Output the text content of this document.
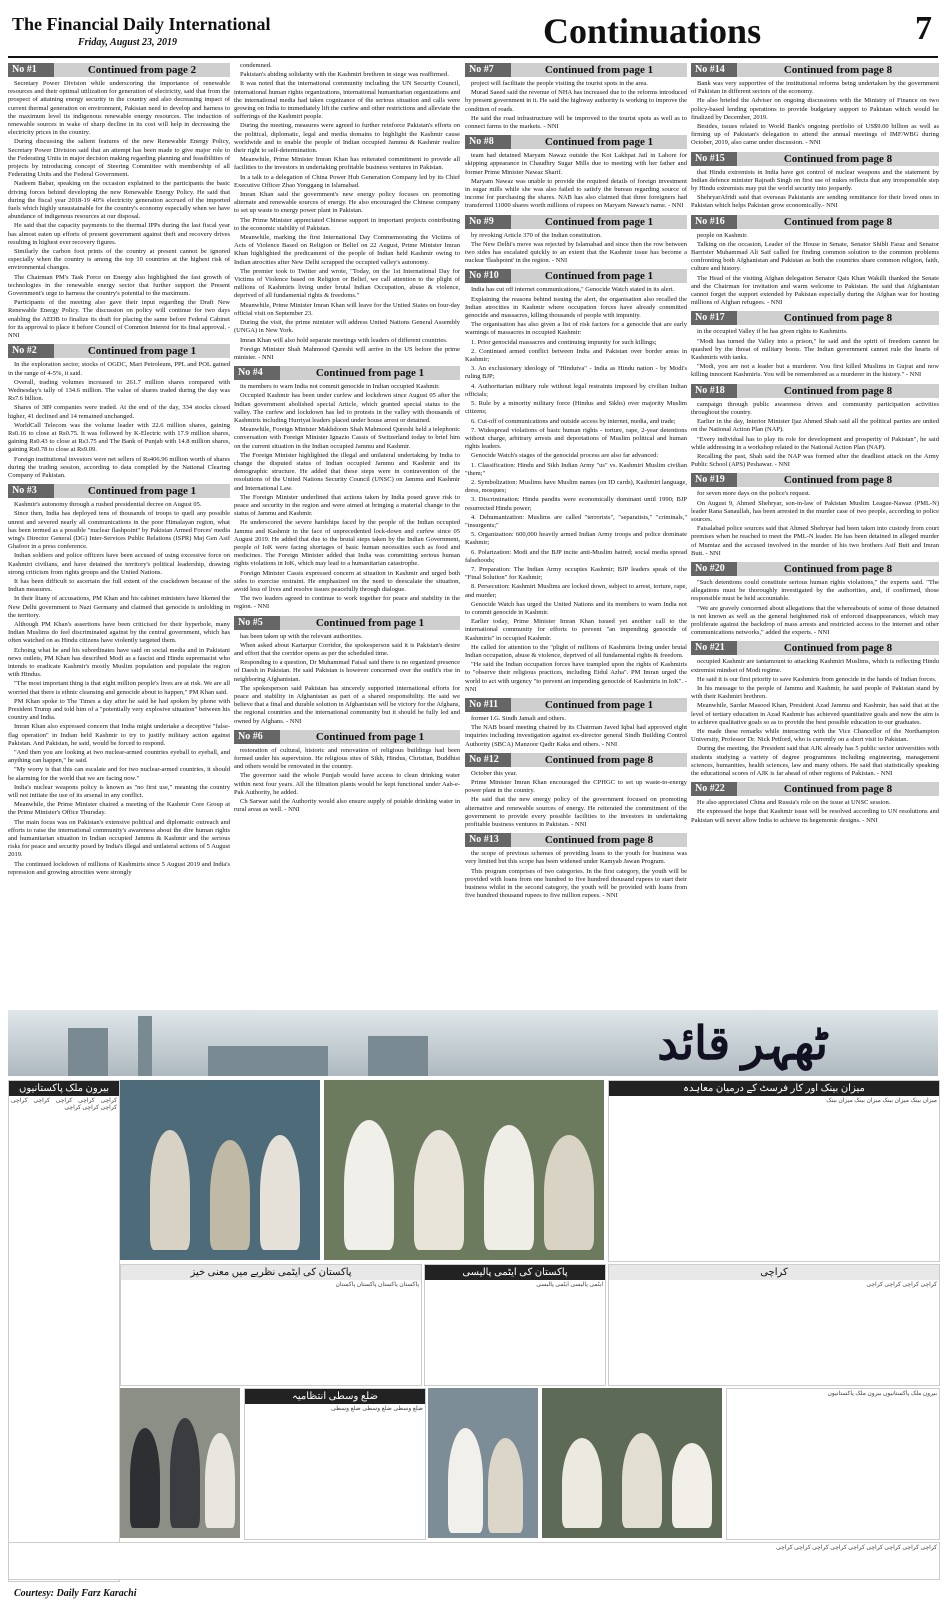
The Financial Daily International
Friday, August 23, 2019	Continuations	7
No #1	Continued from page 2

Secretary Power Division while underscoring the importance of renewable resources and their optimal utilization for generation of electricity, said that from the prospect of attaining energy security in the country and also decreasing impact of current thermal generation on environment, Pakistan need to develop and harness to the maximum level its indigenous renewable energy resources. The induction of renewable sources in wake of sharp decline in its cost will help in decreasing the electricity prices in the country.

During discussing the salient features of the new Renewable Energy Policy, Secretary Power Division said that an attempt has been made to give major role to the Federating Units in major decision making regarding planning and feasibilities of projects by introducing concept of Steering Committee with membership of all Federating Units and the Federal Government.

Nadeem Babar, speaking on the occasion explained to the participants the basic driving forces behind developing the new Renewable Energy Policy. He said that during the fiscal year 2018-19 40% electricity generation accrued of the imported fuels which highly unsustainable for the country's economy especially when we have abundance of indigenous resources at our disposal.

He said that the capacity payments to the thermal IPPs during the last fiscal year has almost eaten up efforts of present government against theft and recovery drives resulting in highest ever recovery figures.

Similarly the carbon foot prints of the country at present cannot be ignored especially when the country is among the top 10 countries at the highest risk of environmental changes.

The Chairman PM's Task Force on Energy also highlighted the fast growth of technologies in the renewable energy sector that further support the Present Government's urge to harness the country's potential to the maximum.

Participants of the meeting also gave their input regarding the Draft New Renewable Energy Policy. The discussion on policy will continue for two days enabling the AEDB to finalize its draft for placing the same before Federal Cabinet for its approval to place it before Council of Common Interest for its final approval. - NNI

No #2	Continued from page 1

In the exploration sector, stocks of OGDC, Mari Petroleum, PPL and POL gained in the range of 4-5%, it said.

Overall, trading volumes increased to 261.7 million shares compared with Wednesday's tally of 134.6 million. The value of shares traded during the day was Rs7.6 billion.

Shares of 389 companies were traded. At the end of the day, 334 stocks closed higher, 41 declined and 14 remained unchanged.

WorldCall Telecom was the volume leader with 22.6 million shares, gaining Rs0.16 to close at Rs0.75. It was followed by K-Electric with 17.9 million shares, gaining Rs0.43 to close at Rs3.75 and The Bank of Punjab with 14.8 million shares, gaining Rs0.78 to close at Rs9.09.

Foreign institutional investors were net sellers of Rs406.96 million worth of shares during the trading session, according to data compiled by the National Clearing Company of Pakistan.

No #3	Continued from page 1

Kashmir's autonomy through a rushed presidential decree on August 05.

Since then, India has deployed tens of thousands of troops to quell any possible unrest and severed nearly all communications in the poor Himalayan region, what has been termed as a possible "nuclear flashpoint" by Pakistan Armed Forces' media wing's Director General (DG) Inter-Services Public Relations (ISPR) Maj Gen Asif Ghafoor in a press conference.

Indian soldiers and police officers have been accused of using excessive force on Kashmiri civilians, and have detained the territory's political leadership, drawing strong criticism from rights groups and the United Nations.

It has been difficult to ascertain the full extent of the crackdown because of the Indian measures.

In their litany of accusations, PM Khan and his cabinet ministers have likened the New Delhi government to Nazi Germany and claimed that genocide is unfolding in the territory.

Although PM Khan's assertions have been criticised for their hyperbole, many Indian Muslims do feel discriminated against by the central government, which has often watched on as Hindu citizens have violently targeted them.

Echoing what he and his subordinates have said on social media and in Pakistani news outlets, PM Khan has described Modi as a fascist and Hindu supremacist who intends to eradicate Kashmir's mostly Muslim population and populate the region with Hindus.

"The most important thing is that eight million people's lives are at risk. We are all worried that there is ethnic cleansing and genocide about to happen," PM Khan said.

PM Khan spoke to The Times a day after he said he had spoken by phone with President Trump and told him of a "potentially very explosive situation" between his country and India.

Imran Khan also expressed concern that India might undertake a deceptive "false-flag operation" in Indian held Kashmir to try to justify military action against Pakistan. And Pakistan, he said, would be forced to respond.

"And then you are looking at two nuclear-armed countries eyeball to eyeball, and anything can happen," he said.

"My worry is that this can escalate and for two nuclear-armed countries, it should be alarming for the world that we are facing now."

India's nuclear weapons policy is known as "no first use," meaning the country will not initiate the use of its arsenal in any conflict.

Meanwhile, the Prime Minister chaired a meeting of the Kashmir Core Group at the Prime Minister's Office Thursday.

The main focus was on Pakistan's extensive political and diplomatic outreach and efforts to raise the international community's awareness about the dire human rights and humanitarian situation in Indian occupied Jammu & Kashmir and the serious risks for peace and security posed by India's illegal and unilateral actions of 5 August 2019.

The continued lockdown of millions of Kashmiris since 5 August 2019 and India's repression and growing atrocities were strongly

condemned.

Pakistan's abiding solidarity with the Kashmiri brethren in siege was reaffirmed.

It was noted that the international community including the UN Security Council, international human rights organizations, international humanitarian organizations and the international media had taken cognizance of the serious situation and calls were growing on India to immediately lift the curfew and other restrictions and alleviate the sufferings of the Kashmiri people.

During the meeting, measures were agreed to further reinforce Pakistan's efforts on the political, diplomatic, legal and media domains to highlight the Kashmir cause worldwide and to enable the people of Indian occupied Jammu & Kashmir realize their right to self-determination.

Meanwhile, Prime Minister Imran Khan has reiterated commitment to provide all facilities to the investors in undertaking profitable business ventures in Pakistan.

In a talk to a delegation of China Power Hub Generation Company led by its Chief Executive Officer Zhao Yonggang in Islamabad.

Imran Khan said the government's new energy policy focuses on promoting alternate and renewable sources of energy. He also encouraged the Chinese company to set up waste to energy power plant in Pakistan.

The Prime Minister appreciated Chinese support in important projects contributing to the economic stability of Pakistan.

Meanwhile, marking the first International Day Commemorating the Victims of Acts of Violence Based on Religion or Belief on 22 August, Prime Minister Imran Khan highlighted the predicament of the people of Indian held Kashmir owing to Indian atrocities after New Delhi scrapped the occupied valley's autonomy.

The premier took to Twitter and wrote, "Today, on the 1st International Day for Victims of Violence based on Religion or Belief, we call attention to the plight of millions of Kashmiris living under brutal Indian Occupation, abuse & violence, deprived of all fundamental rights & freedoms."

Meanwhile, Prime Minister Imran Khan will leave for the United States on four-day official visit on September 23.

During the visit, the prime minister will address United Nations General Assembly (UNGA) in New York.

Imran Khan will also hold separate meetings with leaders of different countries.

Foreign Minister Shah Mahmood Qureshi will arrive in the US before the prime minister. - NNI

No #4	Continued from page 1

its members to warn India not commit genocide in Indian occupied Kashmir.

Occupied Kashmir has been under curfew and lockdown since August 05 after the Indian government abolished special Article, which granted special status to the valley. The curfew and lockdown has led to protests in the valley with thousands of Kashmiris including Hurriyat leaders placed under house arrest or detained.

Meanwhile, Foreign Minister Makhdoom Shah Mahmood Qureshi held a telephonic conversation with Foreign Minister Ignazio Cassis of Switzerland today to brief him on the current situation in the Indian occupied Jammu and Kashmir.

The Foreign Minister highlighted the illegal and unilateral undertaking by India to change the disputed status of Indian occupied Jammu and Kashmir and its demographic structure. He added that these steps were in contravention of the resolutions of the United Nations Security Council (UNSC) on Jammu and Kashmir and International Law.

The Foreign Minister underlined that actions taken by India posed grave risk to peace and security in the region and were aimed at bringing a material change to the status of Jammu and Kashmir.

He underscored the severe hardships faced by the people of the Indian occupied Jammu and Kashmir in the face of unprecedented lock-down and curfew since 05 August 2019. He added that due to the brutal steps taken by the Indian Government, people of IoK were facing shortages of basic human necessities such as food and medicines. The Foreign Minister added that India was committing serious human rights violations in IoK, which may lead to a humanitarian catastrophe.

Foreign Minister Cassis expressed concern at situation in Kashmir and urged both sides to exercise restraint. He emphasized on the need to deescalate the situation, avoid loss of lives and resolve issues peacefully through dialogue.

The two leaders agreed to continue to work together for peace and stability in the region. - NNI

No #5	Continued from page 1

has been taken up with the relevant authorities.

When asked about Kartarpur Corridor, the spokesperson said it is Pakistan's desire and effort that the corridor opens as per the scheduled time.

Responding to a question, Dr Muhammad Faisal said there is no organized presence of Daesh in Pakistan. He said Pakistan is however concerned over the outfit's rise in neighboring Afghanistan.

The spokesperson said Pakistan has sincerely supported international efforts for peace and stability in Afghanistan as part of a shared responsibility. He said we believe that a final and durable solution in Afghanistan will be victory for the Afghans, the regional countries and the international community but it should be fully led and owned by Afghans. - NNI

No #6	Continued from page 1

restoration of cultural, historic and renovation of religious buildings had been formed under his supervision. He religious sites of Sikh, Hindus, Christian, Buddhist and others would be renovated in the country.

The governor said the whole Punjab would have access to clean drinking water within next four years. All the filtration plants would be kept functional under Aab-e-Pak Authority, he added.

Ch Sarwar said the Authority would also ensure supply of potable drinking water in rural areas as well. - NNI

No #7	Continued from page 1

project will facilitate the people visiting the tourist spots in the area.

Murad Saeed said the revenue of NHA has increased due to the reforms introduced by present government in it. He said the highway authority is working to improve the condition of roads.

He said the road infrastructure will be improved to the tourist spots as well as to connect farms to the markets. - NNI

No #8	Continued from page 1

team had detained Maryam Nawaz outside the Kot Lakhpat Jail in Lahore for skipping appearance in Chaudhry Sugar Mills due to meeting with her father and former Prime Minister Nawaz Sharif.

Maryam Nawaz was unable to provide the required details of foreign investment in sugar mills while she was also failed to satisfy the bureau regarding source of income for purchasing the shares. NAB has also claimed that three foreigners had transferred 11000 shares worth millions of rupees on Maryam Nawaz's name. - NNI

No #9	Continued from page 1

by revoking Article 370 of the Indian constitution.

The New Delhi's move was rejected by Islamabad and since then the row between two sides has escalated quickly to an extent that the Kashmir issue has become a nuclear 'flashpoint' in the region. - NNI

No #10	Continued from page 1

India has cut off internet communications," Genocide Watch stated in its alert.

Explaining the reasons behind issuing the alert, the organisation also recalled the Indian atrocities in Kashmir where occupation forces have already committed genocide and massacres, killing thousands of people with impunity.

The organisation has also given a list of risk factors for a genocide that are early warnings of massacres in occupied Kashmir:

1. Prior genocidal massacres and continuing impunity for such killings;

2. Continued armed conflict between India and Pakistan over border areas in Kashmir;

3. An exclusionary ideology of "Hindutva" - India as Hindu nation - by Modi's ruling BJP;

4. Authoritarian military rule without legal restraints imposed by civilian Indian officials;

5. Rule by a minority military force (Hindus and Sikhs) over majority Muslim citizens;

6. Cut-off of communications and outside access by internet, media, and trade;

7. Widespread violations of basic human rights - torture, rape, 2-year detentions without charge, arbitrary arrests and deportations of Muslim political and human rights leaders.

Genocide Watch's stages of the genocidal process are also far advanced:

1. Classification: Hindu and Sikh Indian Army "us" vs. Kashmiri Muslim civilian "them;"

2. Symbolization: Muslims have Muslim names (on ID cards), Kashmiri language, dress, mosques;

3. Discrimination: Hindu pandits were economically dominant until 1990; BJP resurrected Hindu power;

4. Dehumanization: Muslims are called "terrorists", "separatists," "criminals," "insurgents;"

5. Organization: 600,000 heavily armed Indian Army troops and police dominate Kashmir;

6. Polarization: Modi and the BJP incite anti-Muslim hatred; social media spread falsehoods;

7. Preparation: The Indian Army occupies Kashmir; BJP leaders speak of the "Final Solution" for Kashmir;

8. Persecution: Kashmiri Muslims are locked down, subject to arrest, torture, rape, and murder;

Genocide Watch has urged the United Nations and its members to warn India not to commit genocide in Kashmir.

Earlier today, Prime Minister Imran Khan issued yet another call to the international community for efforts to prevent "an impending genocide of Kashmiris" in occupied Kashmir.

He called for attention to the "plight of millions of Kashmiris living under brutal Indian occupation, abuse & violence, deprived of all fundamental rights & freedom.

"He said the Indian occupation forces have trampled upon the rights of Kashmiris to "observe their religious practices, including Eidul Azha". PM Imran urged the world to act with urgency "to prevent an impending genocide of Kashmiris in IoK". - NNI

No #11	Continued from page 1

former I.G. Sindh Jamali and others.

The NAB board meeting chaired by its Chairman Javed Iqbal had approved eight inquiries including investigation against ex-director general Sindh Building Control Authority (SBCA) Manzoor Qadir Kaka and others. - NNI

No #12	Continued from page 8

October this year.

Prime Minister Imran Khan encouraged the CPHGC to set up waste-to-energy power plant in the country.

He said that the new energy policy of the government focused on promoting alternative and renewable sources of energy. He reiterated the commitment of the government to provide every possible facilities to the investors in undertaking profitable business ventures in Pakistan. - NNI

No #13	Continued from page 8

the scope of previous schemes of providing loans to the youth for business was very limited but this scope has been widened under Kamyab Jawan Program.

This program comprises of two categories. In the first category, the youth will be provided with loans from one hundred to five hundred thousand rupees to start their business whilst in the second category, the youth will be provided with loans from five hundred thousand rupees to five million rupees. - NNI

No #14	Continued from page 8

Bank was very supportive of the institutional reforms being undertaken by the government of Pakistan in different sectors of the economy.

He also briefed the Adviser on ongoing discussions with the Ministry of Finance on two policy-based lending operations to provide budgetary support to Pakistan which would be finalized by December, 2019.

Besides, issues related to World Bank's ongoing portfolio of US$9.00 billion as well as firming up of Pakistan's delegation to attend the annual meetings of IMF/WBG during October, 2019, also came under discussion. - NNI

No #15	Continued from page 8

that Hindu extremists in India have got control of nuclear weapons and the statement by Indian defence minister Rajnath Singh on first use of nukes reflects that any irresponsible step by Hindu extremists may put the world security into jeopardy.

ShehryarAfridi said that overseas Pakistanis are sending remittance for their loved ones in Pakistan which helps Pakistan grow economically.- NNI

No #16	Continued from page 8

people on Kashmir.

Talking on the occasion, Leader of the House in Senate, Senator Shibli Faraz and Senator Barrister Muhammad Ali Saif called for finding common solution to the common problems confronting both Afghanistan and Pakistan as both the countries share common religion, faith, culture and history.

The Head of the visiting Afghan delegation Senator Qais Khan Wakilli thanked the Senate and the Chairman for invitation and warm welcome to Pakistan. He said that Afghanistan cannot forget the support extended by Pakistan especially during the Afghan war for hosting millions of Afghan refugees. - NNI

No #17	Continued from page 8

in the occupied Valley if he has given rights to Kashmiris.

"Modi has turned the Valley into a prison," he said and the spirit of freedom cannot be quashed by the threat of military boots. The Indian government cannot rule the hearts of Kashmiris with tanks.

"Modi, you are not a leader but a murderer. You first killed Muslims in Gujrat and now killing innocent Kashmiris. You will be remembered as a murderer in the history." - NNI

No #18	Continued from page 8

campaign through public awareness drives and community participation activities throughout the country.

Earlier in the day, Interior Minister Ijaz Ahmed Shah said all the political parties are united on the National Action Plan (NAP).

"Every individual has to play its role for development and prosperity of Pakistan", he said while addressing in a workshop related to the National Action Plan (NAP).

Recalling the past, Shah said the NAP was formed after the deadliest attack on the Army Public School (APS) Peshawar. - NNI

No #19	Continued from page 8

for seven more days on the police's request.

On August 9, Ahmed Shehryar, son-in-law of Pakistan Muslim League-Nawaz (PML-N) leader Rana Sanaullah, has been arrested in the murder case of two people, according to police sources.

Faisalabad police sources said that Ahmed Shehryar had been taken into custody from court premises when he reached to meet the PML-N leader. He has been detained in alleged murder of Mumtaz and the accused involved in the murder of his two brothers Asif Butt and Imran Butt. - NNI

No #20	Continued from page 8

"Such detentions could constitute serious human rights violations," the experts said. "The allegations must be thoroughly investigated by the authorities, and, if confirmed, those responsible must be held accountable.

"We are gravely concerned about allegations that the whereabouts of some of those detained is not known as well as the general heightened risk of enforced disappearances, which may proliferate against the backdrop of mass arrests and restricted access to the internet and other communications networks," added the experts. - NNI

No #21	Continued from page 8

occupied Kashmir are tantamount to attacking Kashmiri Muslims, which is reflecting Hindu extremist mindset of Modi regime.

He said it is our first priority to save Kashmiris from genocide in the hands of Indian forces.

In his message to the people of Jammu and Kashmir, he said people of Pakistan stand by with their Kashmiri brethren.

Meanwhile, Sardar Masood Khan, President Azad Jammu and Kashmir, has said that at the level of tertiary education in Azad Kashmir has achieved quantitative goals and now the aim is to achieve qualitative goals so as to provide the best possible education to our graduates.

He made these remarks while interacting with the Vice Chancellor of the Northampton University, Professor Dr. Nick Petford, who is currently on a short visit to Pakistan.

During the meeting, the President said that AJK already has 5 public sector universities with students studying a variety of degree programmes including engineering, management sciences, humanities, health sciences, law and many others. He said that statistically speaking the educational scores of AJK is far ahead of other regions of Pakistan. - NNI

No #22	Continued from page 8

He also appreciated China and Russia's role on the issue at UNSC session.

He expressed the hope that Kashmir issue will be resolved according to UN resolutions and Pakistan will never allow India to achieve its hegemonic designs. - NNI

ٹھہر قائد
بیرون ملک پاکستانیوں
کراچی کراچی کراچی کراچی کراچی کراچی کراچی کراچی
میزان بینک اور کار فرسٹ کے درمیان معاہدہ
میزان بینک میزان بینک میزان بینک میزان بینک
پاکستان کی ایٹمی نظریے میں معنی خیز
پاکستان پاکستان پاکستان پاکستان
پاکستان کی ایٹمی پالیسی
ایٹمی پالیسی ایٹمی پالیسی
کراچی
کراچی کراچی کراچی کراچی
ضلع وسطی انتظامیہ
ضلع وسطی ضلع وسطی ضلع وسطی
بیرون ملک پاکستانیوں بیرون ملک پاکستانیوں
کراچی کراچی کراچی کراچی کراچی کراچی کراچی کراچی کراچی
Courtesy: Daily Farz Karachi
